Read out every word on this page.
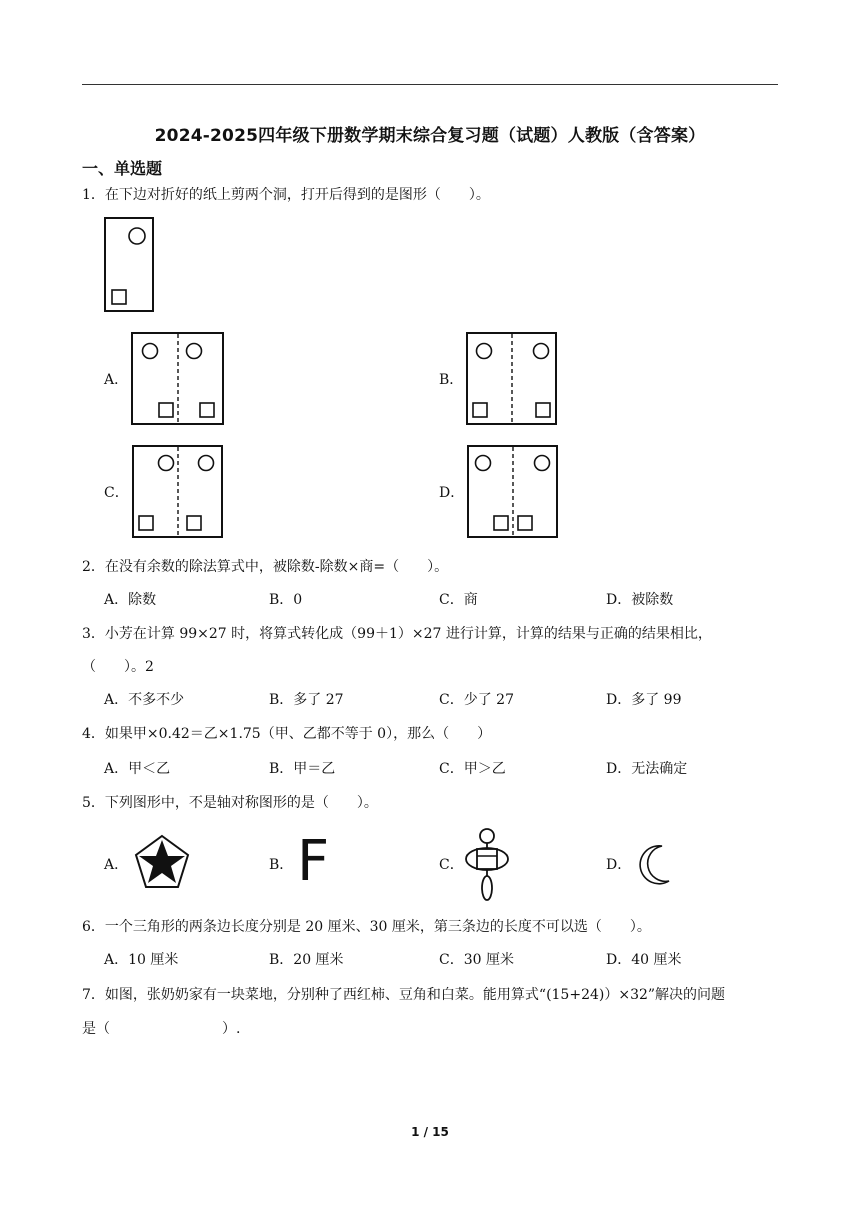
2024-2025四年级下册数学期末综合复习题（试题）人教版（含答案）
一、单选题
1．在下边对折好的纸上剪两个洞，打开后得到的是图形（　　）。
A．	B．
C．	D．
2．在没有余数的除法算式中，被除数-除数×商=（　　）。
A．除数	B．0	C．商	D．被除数
3．小芳在计算 99×27 时，将算式转化成（99＋1）×27 进行计算，计算的结果与正确的结果相比，
（　　）。2
A．不多不少	B．多了 27	C．少了 27	D．多了 99
4．如果甲×0.42＝乙×1.75（甲、乙都不等于 0），那么（　　）
A．甲＜乙	B．甲＝乙	C．甲＞乙	D．无法确定
5．下列图形中，不是轴对称图形的是（　　）。
A．	B． F	C．	D．
6．一个三角形的两条边长度分别是 20 厘米、30 厘米，第三条边的长度不可以选（　　）。
A．10 厘米	B．20 厘米	C．30 厘米	D．40 厘米
7．如图，张奶奶家有一块菜地，分别种了西红柿、豆角和白菜。能用算式“(15+24)）×32”解决的问题
是（　　　　　　　　）.
1 / 15
